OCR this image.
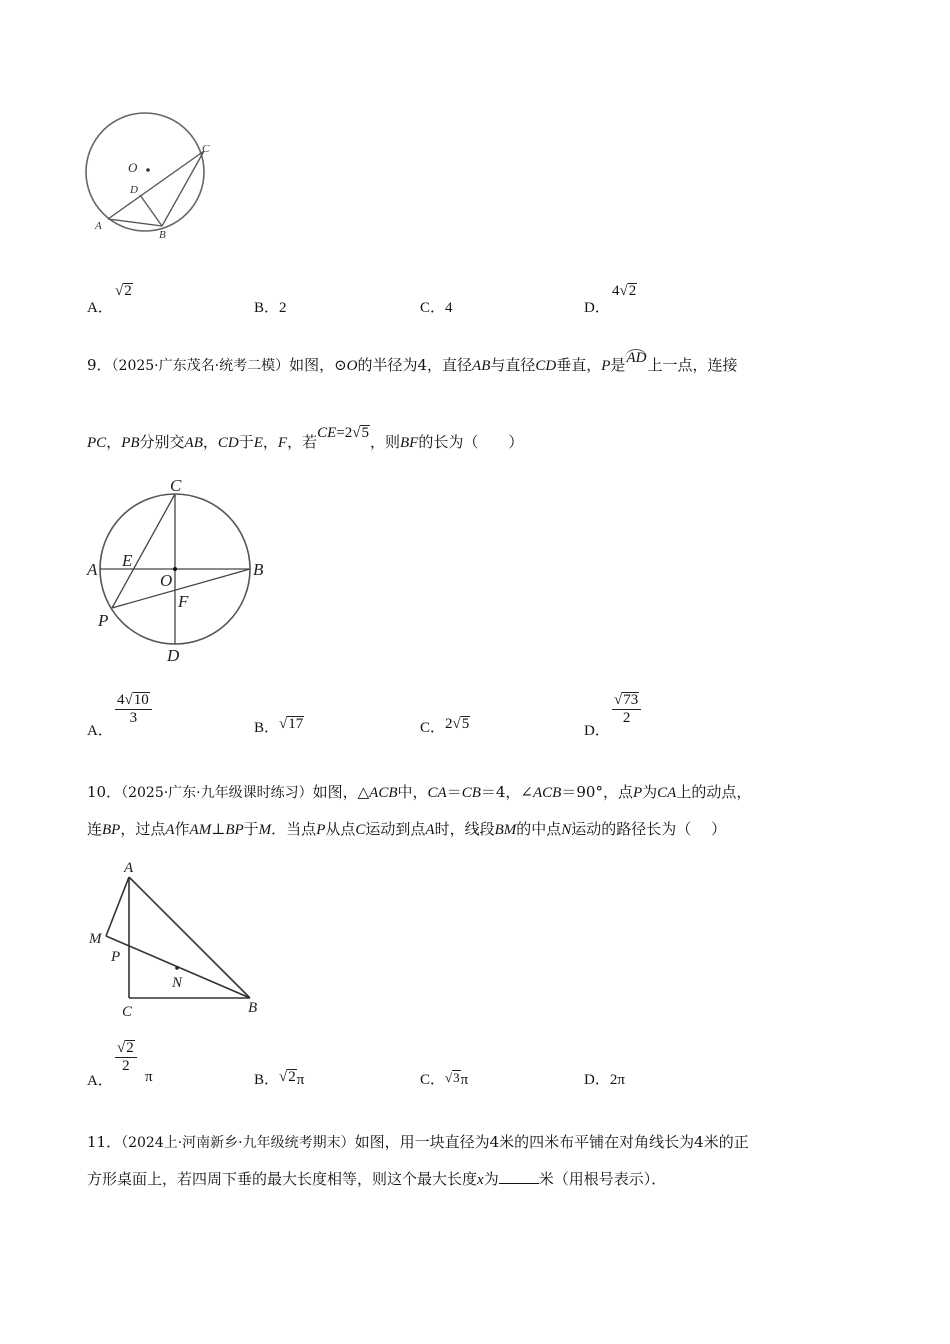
O
C
D
A
B
A．
√2
B．2	C．4	D．
4√2
9．（2025·广东茂名·统考二模）如图，⊙O的半径为4，直径AB与直径CD垂直，P是AD上一点，连接
PC，PB分别交AB，CD于E，F，若CE=2√5，则BF的长为（　　）
C
A E
O
B
P
F
D
A．
$\frac{4√10}{3}$
B．√17	C．2√5	D．
$\frac{√73}{2}$
10．（2025·广东·九年级课时练习）如图，△ACB中，CA＝CB＝4，∠ACB＝90°，点P为CA上的动点，
连BP，过点A作AM⊥BP于M．当点P从点C运动到点A时，线段BM的中点N运动的路径长为（　 ）
A
M
P
N
C	B
A．
$\frac{√2}{2}$
π	B．√2π	C．√3π	D．2π
11．（2024上·河南新乡·九年级统考期末）如图，用一块直径为4米的四米布平铺在对角线长为4米的正
方形桌面上，若四周下垂的最大长度相等，则这个最大长度x为	米（用根号表示）．
